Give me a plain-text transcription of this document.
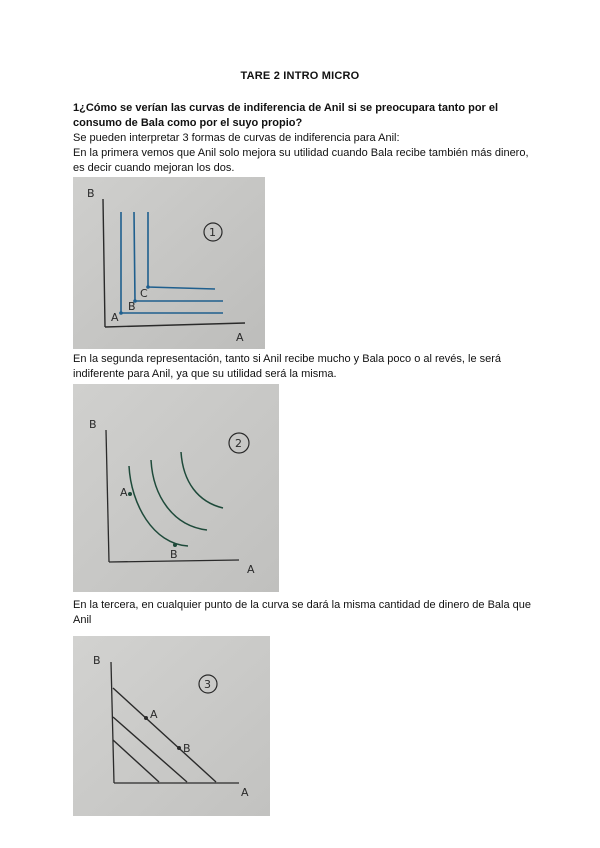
TARE 2 INTRO MICRO
1¿Cómo se verían las curvas de indiferencia de Anil si se preocupara tanto por el consumo de Bala como por el suyo propio?
Se pueden interpretar 3 formas de curvas de indiferencia para Anil:
En la primera vemos que Anil solo mejora su utilidad cuando Bala recibe también más dinero, es decir cuando mejoran los dos.
1
B
A
A
B
C
En la segunda representación, tanto si Anil recibe mucho y Bala poco o al revés, le será indiferente para Anil, ya que su utilidad será la misma.
2
B
A
A
B
En la tercera, en cualquier punto de la curva se dará la misma cantidad de dinero de Bala que Anil
3
B
A
A
B
